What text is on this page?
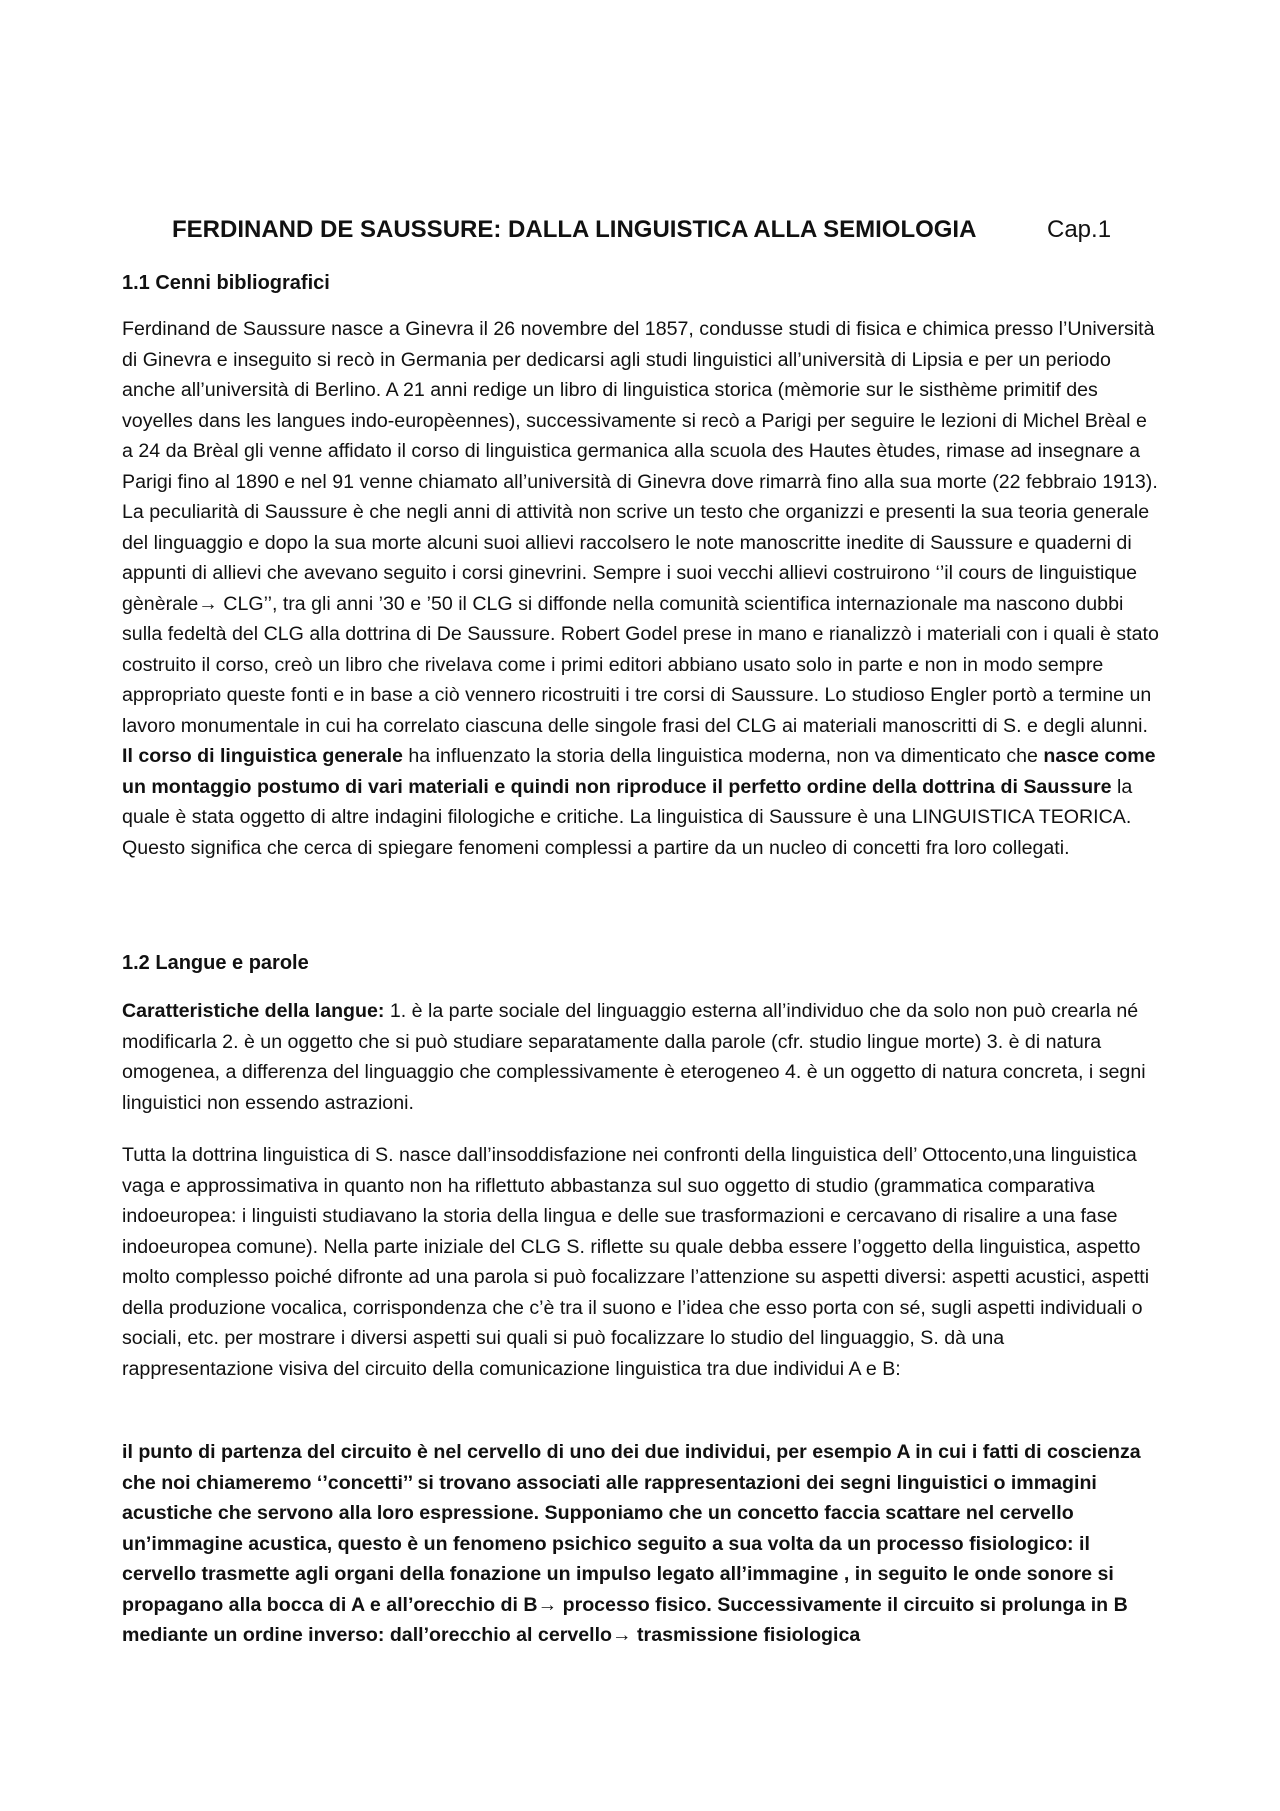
FERDINAND DE SAUSSURE: DALLA LINGUISTICA ALLA SEMIOLOGIA	Cap.1
1.1 Cenni bibliografici
Ferdinand de Saussure nasce a Ginevra il 26 novembre del 1857, condusse studi di fisica e chimica presso l’Università di Ginevra e inseguito si recò in Germania per dedicarsi agli studi linguistici all’università di Lipsia e per un periodo anche all’università di Berlino. A 21 anni redige un libro di linguistica storica (mèmorie sur le sisthème primitif des voyelles dans les langues indo-europèennes), successivamente si recò a Parigi per seguire le lezioni di Michel Brèal e a 24 da Brèal gli venne affidato il corso di linguistica germanica alla scuola des Hautes ètudes, rimase ad insegnare a Parigi fino al 1890 e nel 91 venne chiamato all’università di Ginevra dove rimarrà fino alla sua morte (22 febbraio 1913). La peculiarità di Saussure è che negli anni di attività non scrive un testo che organizzi e presenti la sua teoria generale del linguaggio e dopo la sua morte alcuni suoi allievi raccolsero le note manoscritte inedite di Saussure e quaderni di appunti di allievi che avevano seguito i corsi ginevrini. Sempre i suoi vecchi allievi costruirono ‘’il cours de linguistique gènèrale→ CLG’’, tra gli anni ’30 e ’50 il CLG si diffonde nella comunità scientifica internazionale ma nascono dubbi sulla fedeltà del CLG alla dottrina di De Saussure. Robert Godel prese in mano e rianalizzò i materiali con i quali è stato costruito il corso, creò un libro che rivelava come i primi editori abbiano usato solo in parte e non in modo sempre appropriato queste fonti e in base a ciò vennero ricostruiti i tre corsi di Saussure. Lo studioso Engler portò a termine un lavoro monumentale in cui ha correlato ciascuna delle singole frasi del CLG ai materiali manoscritti di S. e degli alunni. Il corso di linguistica generale ha influenzato la storia della linguistica moderna, non va dimenticato che nasce come un montaggio postumo di vari materiali e quindi non riproduce il perfetto ordine della dottrina di Saussure la quale è stata oggetto di altre indagini filologiche e critiche. La linguistica di Saussure è una LINGUISTICA TEORICA. Questo significa che cerca di spiegare fenomeni complessi a partire da un nucleo di concetti fra loro collegati.
1.2 Langue e parole
Caratteristiche della langue: 1. è la parte sociale del linguaggio esterna all’individuo che da solo non può crearla né modificarla 2. è un oggetto che si può studiare separatamente dalla parole (cfr. studio lingue morte) 3. è di natura omogenea, a differenza del linguaggio che complessivamente è eterogeneo 4. è un oggetto di natura concreta, i segni linguistici non essendo astrazioni.
Tutta la dottrina linguistica di S. nasce dall’insoddisfazione nei confronti della linguistica dell’ Ottocento,una linguistica vaga e approssimativa in quanto non ha riflettuto abbastanza sul suo oggetto di studio (grammatica comparativa indoeuropea: i linguisti studiavano la storia della lingua e delle sue trasformazioni e cercavano di risalire a una fase indoeuropea comune). Nella parte iniziale del CLG S. riflette su quale debba essere l’oggetto della linguistica, aspetto molto complesso poiché difronte ad una parola si può focalizzare l’attenzione su aspetti diversi: aspetti acustici, aspetti della produzione vocalica, corrispondenza che c’è tra il suono e l’idea che esso porta con sé, sugli aspetti individuali o sociali, etc. per mostrare i diversi aspetti sui quali si può focalizzare lo studio del linguaggio, S. dà una rappresentazione visiva del circuito della comunicazione linguistica tra due individui A e B:
il punto di partenza del circuito è nel cervello di uno dei due individui, per esempio A in cui i fatti di coscienza che noi chiameremo ‘’concetti’’ si trovano associati alle rappresentazioni dei segni linguistici o immagini acustiche che servono alla loro espressione. Supponiamo che un concetto faccia scattare nel cervello un’immagine acustica, questo è un fenomeno psichico seguito a sua volta da un processo fisiologico: il cervello trasmette agli organi della fonazione un impulso legato all’immagine , in seguito le onde sonore si propagano alla bocca di A e all’orecchio di B→ processo fisico. Successivamente il circuito si prolunga in B mediante un ordine inverso: dall’orecchio al cervello→ trasmissione fisiologica
